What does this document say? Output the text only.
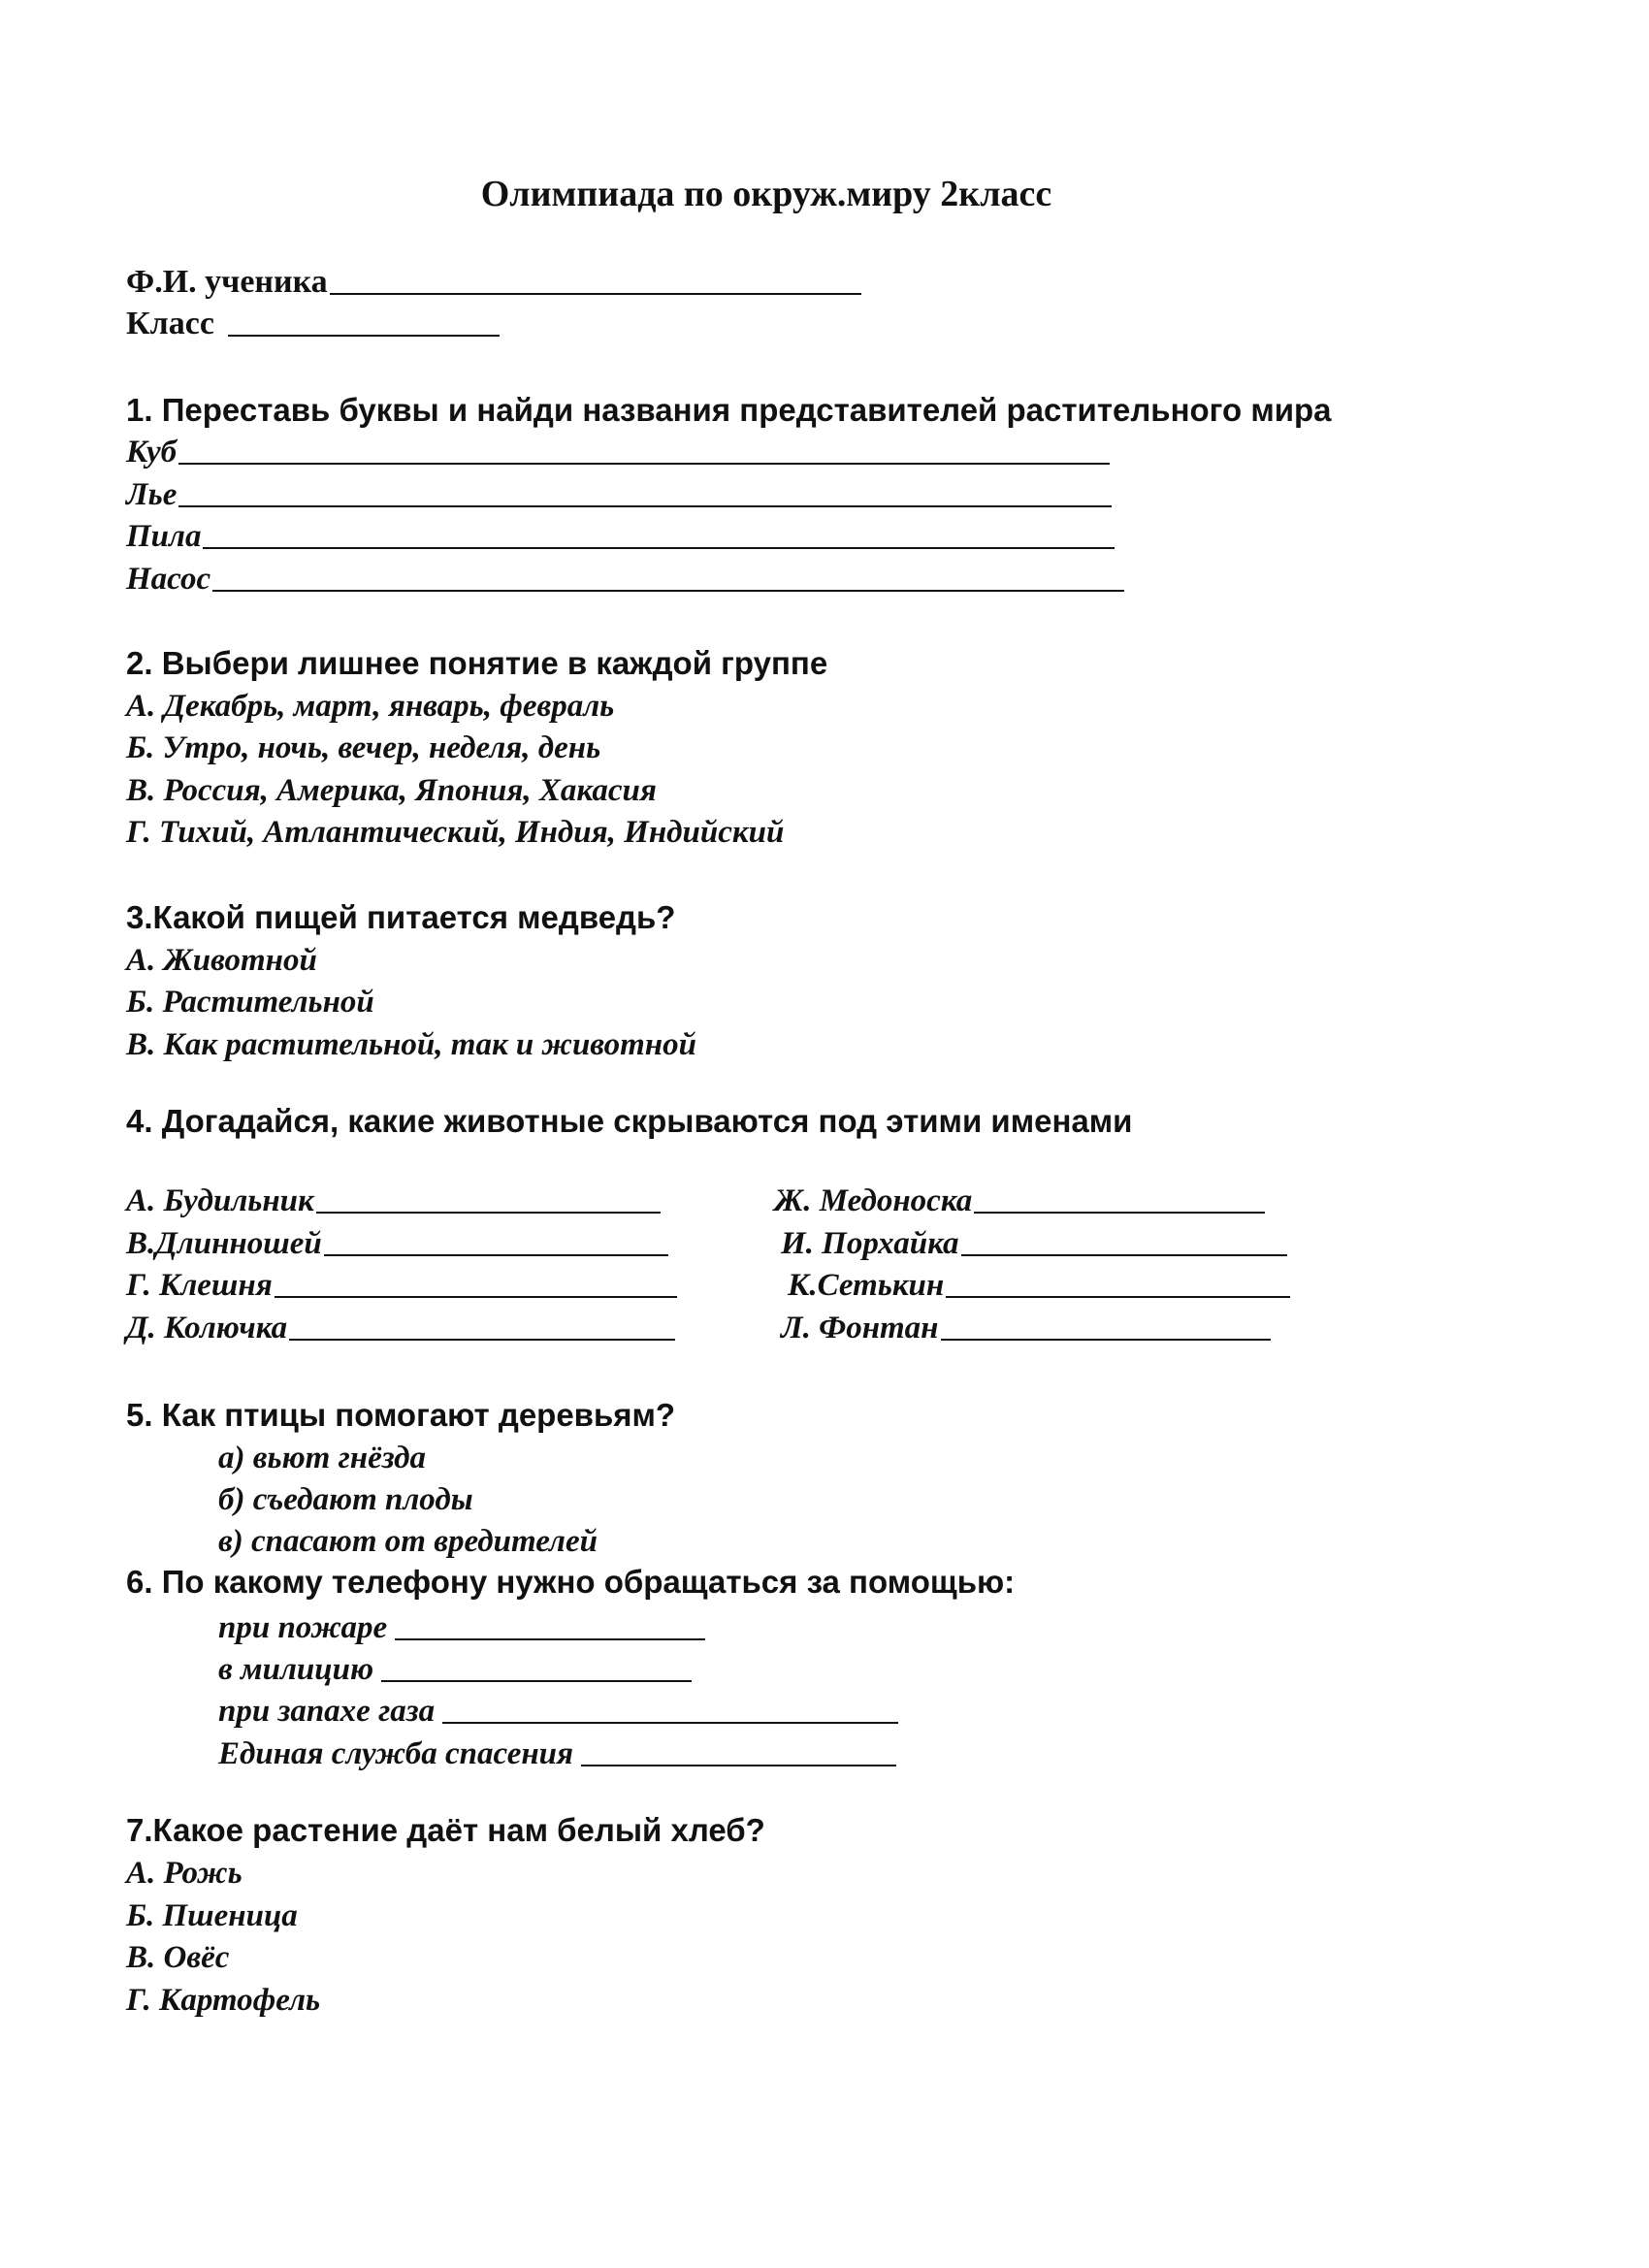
Олимпиада по окруж.миру 2класс
Ф.И. ученика
Класс
1. Переставь буквы и найди названия представителей растительного мира
Куб
Лье
Пила
Насос
2. Выбери лишнее понятие в каждой группе
А. Декабрь, март, январь, февраль
Б. Утро, ночь, вечер, неделя, день
В. Россия, Америка, Япония, Хакасия
Г. Тихий, Атлантический, Индия, Индийский
3.Какой пищей питается медведь?
А. Животной
Б. Растительной
В. Как растительной, так и животной
4. Догадайся, какие животные скрываются под этими именами
А. Будильник
В.Длинношей
Г. Клешня
Д. Колючка
Ж. Медоноска
И. Порхайка
К.Сетькин
Л. Фонтан
5. Как птицы помогают деревьям?
а) вьют гнёзда
б) съедают плоды
в) спасают от вредителей
6. По какому телефону нужно обращаться за помощью:
при пожаре
в милицию
при запахе газа
Единая служба спасения
7.Какое растение даёт нам белый хлеб?
А. Рожь
Б. Пшеница
В. Овёс
Г. Картофель
